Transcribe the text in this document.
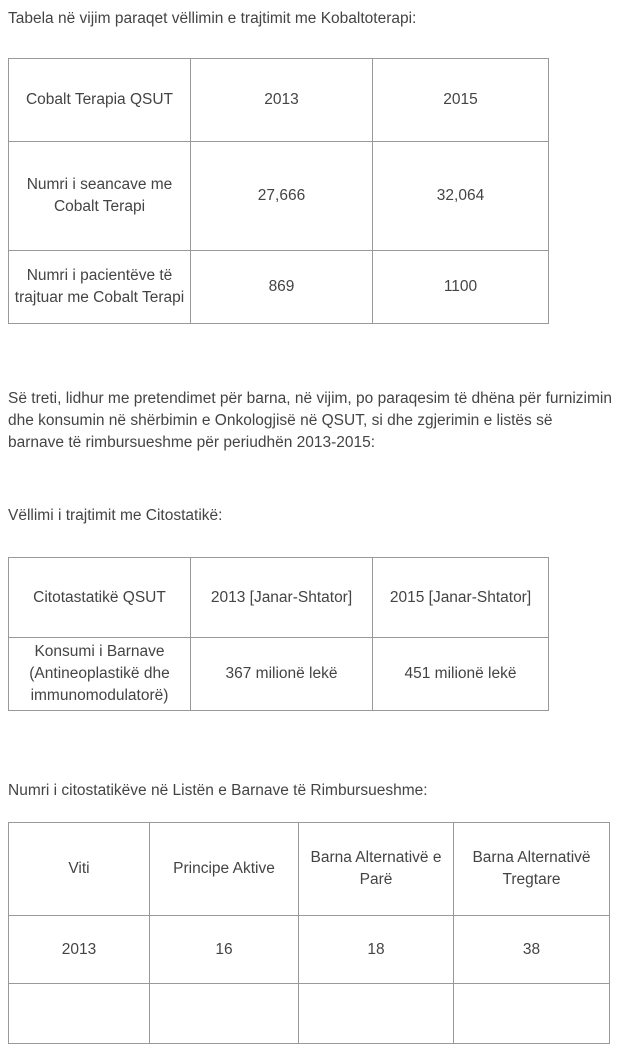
Tabela në vijim paraqet vëllimin e trajtimit me Kobaltoterapi:

Cobalt Terapia QSUT	2013	2015
Numri i seancave me Cobalt Terapi	27,666	32,064
Numri i pacientëve të trajtuar me Cobalt Terapi	869	1100

Së treti, lidhur me pretendimet për barna, në vijim, po paraqesim të dhëna për furnizimin dhe konsumin në shërbimin e Onkologjisë në QSUT, si dhe zgjerimin e listës së barnave të rimbursueshme për periudhën 2013-2015:

Vëllimi i trajtimit me Citostatikë:

Citotastatikë QSUT	2013 [Janar-Shtator]	2015 [Janar-Shtator]
Konsumi i Barnave (Antineoplastikë dhe immunomodulatorë)	367 milionë lekë	451 milionë lekë

Numri i citostatikëve në Listën e Barnave të Rimbursueshme:

Viti	Principe Aktive	Barna Alternativë e Parë	Barna Alternativë Tregtare
2013	16	18	38
